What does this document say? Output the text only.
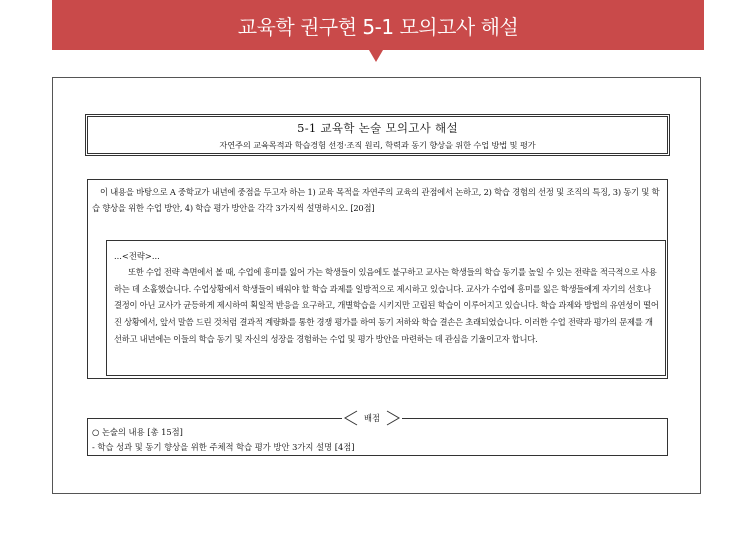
교육학 권구현 5-1 모의고사 해설
5-1 교육학 논술 모의고사 해설
자연주의 교육목적과 학습경험 선정·조직 원리, 학력과 동기 향상을 위한 수업 방법 및 평가

이 내용을 바탕으로 A 중학교가 내년에 중점을 두고자 하는 1) 교육 목적을 자연주의 교육의 관점에서 논하고, 2) 학습 경험의 선정 및 조직의 특징, 3) 동기 및 학습 향상을 위한 수업 방안, 4) 학습 평가 방안을 각각 3가지씩 설명하시오. [20점]

...<전략>...

또한 수업 전략 측면에서 볼 때, 수업에 흥미를 잃어 가는 학생들이 있음에도 불구하고 교사는 학생들의 학습 동기를 높일 수 있는 전략을 적극적으로 사용하는 데 소홀했습니다. 수업상황에서 학생들이 배워야 할 학습 과제를 일방적으로 제시하고 있습니다. 교사가 수업에 흥미를 잃은 학생들에게 자기의 선호나 결정이 아닌 교사가 균등하게 제시하여 획일적 반응을 요구하고, 개별학습을 시키지만 고립된 학습이 이루어지고 있습니다. 학습 과제와 방법의 유연성이 떨어진 상황에서, 앞서 말씀 드린 것처럼 결과적 계량화를 통한 경쟁 평가를 하여 동기 저하와 학습 결손은 초래되었습니다. 이러한 수업 전략과 평가의 문제를 개선하고 내년에는 이들의 학습 동기 및 자신의 성장을 경험하는 수업 및 평가 방안을 마련하는 데 관심을 기울이고자 합니다.

배점

○ 논술의 내용 [총 15점]

- 학습 성과 및 동기 향상을 위한 주체적 학습 평가 방안 3가지 설명 [4점]
